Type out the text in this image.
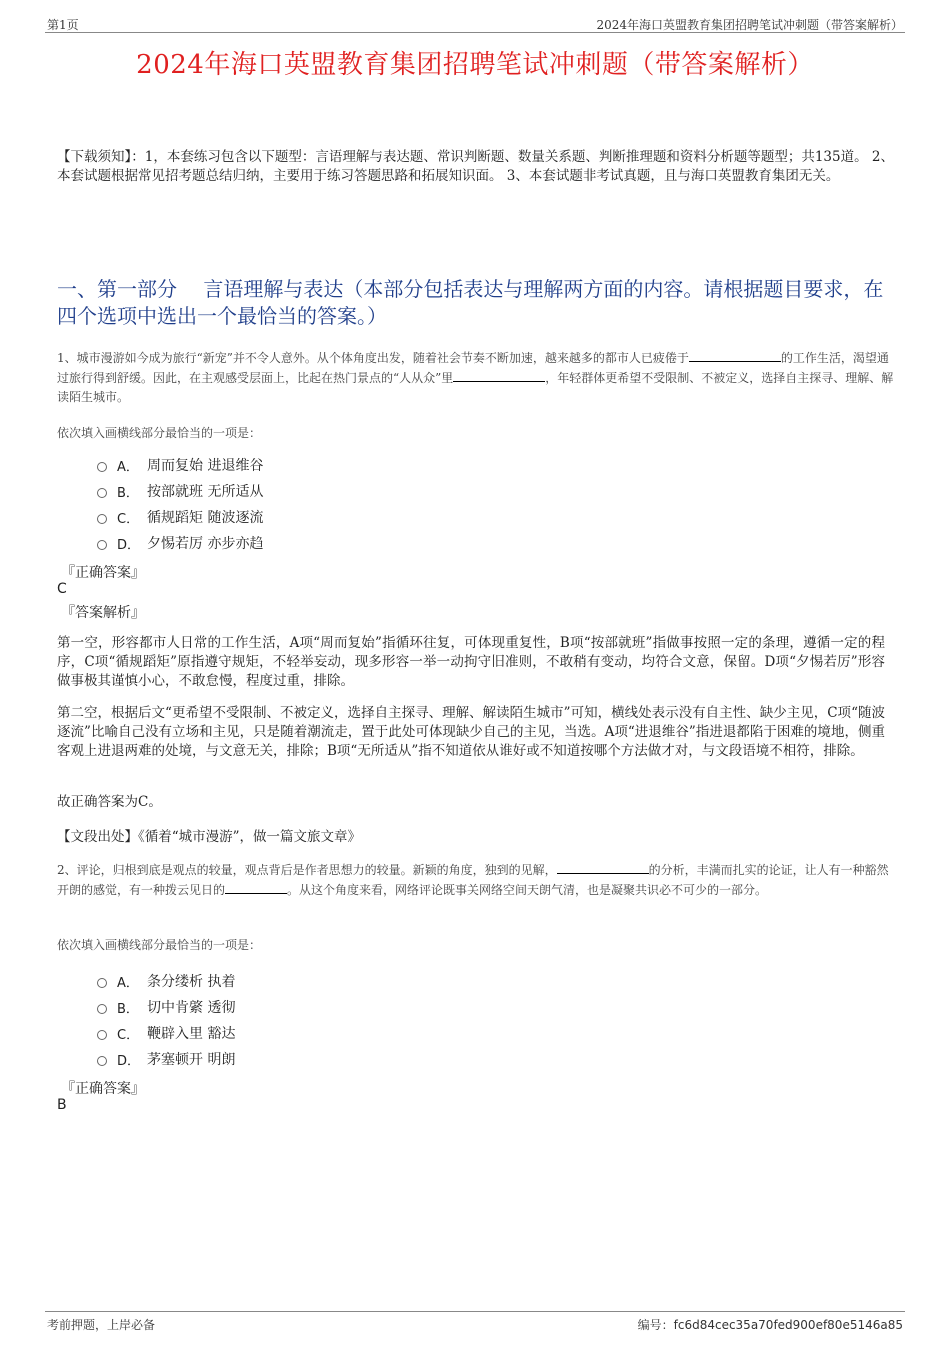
第1页	2024年海口英盟教育集团招聘笔试冲刺题（带答案解析）
2024年海口英盟教育集团招聘笔试冲刺题（带答案解析）
【下载须知】：1，本套练习包含以下题型：言语理解与表达题、常识判断题、数量关系题、判断推理题和资料分析题等题型；共135道。 2、本套试题根据常见招考题总结归纳，主要用于练习答题思路和拓展知识面。 3、本套试题非考试真题，且与海口英盟教育集团无关。
一、第一部分　 言语理解与表达（本部分包括表达与理解两方面的内容。请根据题目要求，在四个选项中选出一个最恰当的答案。）
1、城市漫游如今成为旅行“新宠”并不令人意外。从个体角度出发，随着社会节奏不断加速，越来越多的都市人已疲倦于	的工作生活，渴望通过旅行得到舒缓。因此，在主观感受层面上，比起在热门景点的“人从众”里	，年轻群体更希望不受限制、不被定义，选择自主探寻、理解、解读陌生城市。
依次填入画横线部分最恰当的一项是：
A． 周而复始 进退维谷
B． 按部就班 无所适从
C． 循规蹈矩 随波逐流
D． 夕惕若厉 亦步亦趋
『正确答案』
C
『答案解析』
第一空，形容都市人日常的工作生活，A项“周而复始”指循环往复，可体现重复性，B项“按部就班”指做事按照一定的条理，遵循一定的程序，C项“循规蹈矩”原指遵守规矩，不轻举妄动，现多形容一举一动拘守旧准则，不敢稍有变动，均符合文意，保留。D项“夕惕若厉”形容做事极其谨慎小心，不敢怠慢，程度过重，排除。
第二空，根据后文“更希望不受限制、不被定义，选择自主探寻、理解、解读陌生城市”可知，横线处表示没有自主性、缺少主见，C项“随波逐流”比喻自己没有立场和主见，只是随着潮流走，置于此处可体现缺少自己的主见，当选。A项“进退维谷”指进退都陷于困难的境地，侧重客观上进退两难的处境，与文意无关，排除；B项“无所适从”指不知道依从谁好或不知道按哪个方法做才对，与文段语境不相符，排除。
故正确答案为C。
【文段出处】《循着“城市漫游”，做一篇文旅文章》
2、评论，归根到底是观点的较量，观点背后是作者思想力的较量。新颖的角度，独到的见解，	的分析，丰满而扎实的论证，让人有一种豁然开朗的感觉，有一种拨云见日的	。从这个角度来看，网络评论既事关网络空间天朗气清，也是凝聚共识必不可少的一部分。
依次填入画横线部分最恰当的一项是：
A． 条分缕析 执着
B． 切中肯綮 透彻
C． 鞭辟入里 豁达
D． 茅塞顿开 明朗
『正确答案』
B
考前押题，上岸必备	编号：fc6d84cec35a70fed900ef80e5146a85
